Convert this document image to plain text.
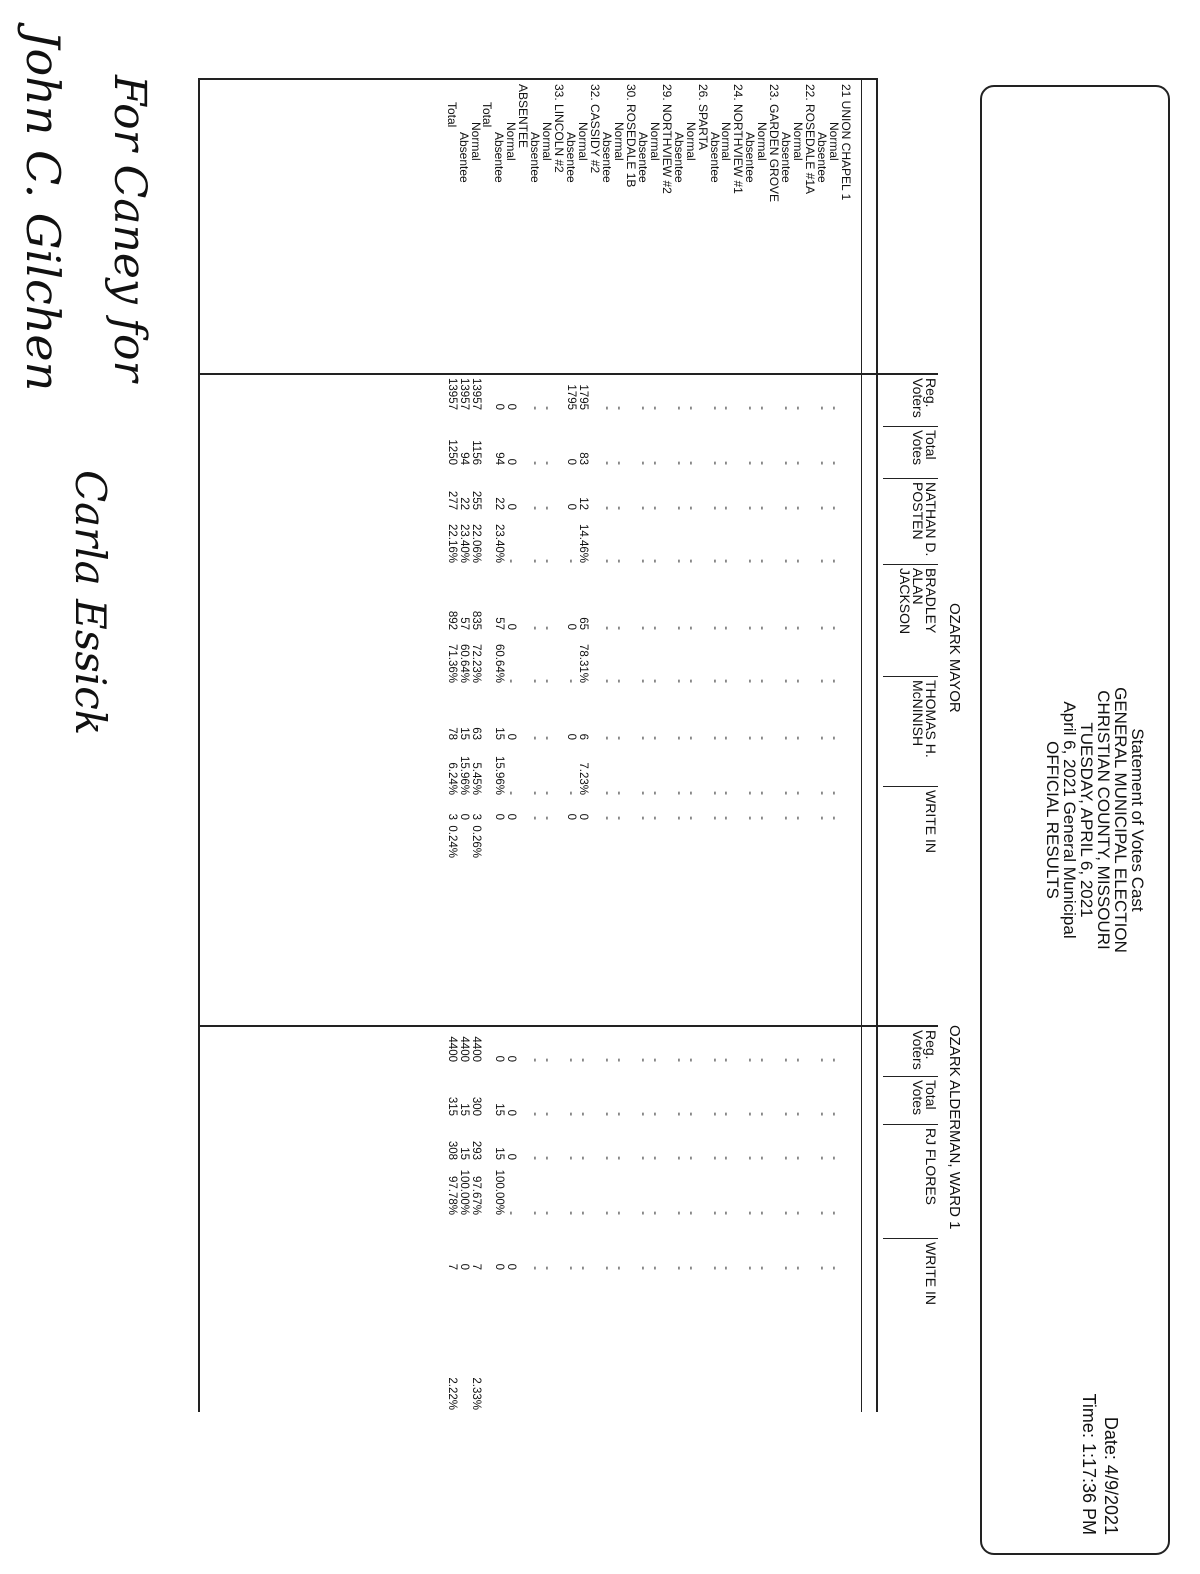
Statement of Votes Cast
GENERAL MUNICIPAL ELECTION
CHRISTIAN COUNTY, MISSOURI
TUESDAY, APRIL 6, 2021
April 6, 2021 General Municipal
OFFICIAL RESULTS
Date: 4/9/2021
Time: 1:17:36 PM
OZARK MAYOR
OZARK ALDERMAN, WARD 1
For Caney for
Carla Essick
John C. Gilchen	21 UNION CHAPEL 1
Normal
Absentee
22. ROSEDALE #1A
Normal
Absentee
23. GARDEN GROVE
Normal
Absentee
24. NORTHVIEW #1
Normal
Absentee
26. SPARTA
Normal
Absentee
29. NORTHVIEW #2
Normal
Absentee
30. ROSEDALE 1B
Normal
Absentee
32. CASSIDY #2
Normal
Absentee
33. LINCOLN #2
Normal
Absentee
ABSENTEE
Normal
Absentee
Total
Normal
Absentee
Total
Reg.
Voters
Total
Votes
NATHAN D.
POSTEN
BRADLEY
ALAN
JACKSON
THOMAS H.
McNINISH
WRITE IN
Reg.
Voters
Total
Votes
RJ FLORES
WRITE IN
-
-
-
-
-
-
-
-
-
-
-
-
-
-
-
-
-
-
-
-
-
-
-
-
-
-
-
-
-
-
-
-
-
-
-
-
-
-
-
-
-
-
-
-
-
-
-
-
-
-
-
-
-
-
-
-
-
-
-
-
-
-
-
-
-
-
-
-
-
-
-
-
-
-
-
-
-
-
-
-
-
-
-
-
-
-
-
-
-
-
-
-
-
-
-
-
-
-
-
-
-
-
-
-
-
-
-
-
-
-
-
-
-
-
-
-
-
-
-
-
-
-
-
-
-
-
1795
83
12
14.46%
65
78.31%
6
7.23%
0
1795
0
0
-
0
-
0
-
0
-
-
-
-
-
-
-
-
-
-
-
-
-
-
-
-
-
-
0
0
0
-
0
-
0
-
0
0
94
22
23.40%
57
60.64%
15
15.96%
0
13957
1156
255
22.06%
835
72.23%
63
5.45%
3
13957
94
22
23.40%
57
60.64%
15
15.96%
0
13957
1250
277
22.16%
892
71.36%
78
6.24%
3
0.26%
0.24%
-
-
-
-
-
-
-
-
-
-
-
-
-
-
-
-
-
-
-
-
-
-
-
-
-
-
-
-
-
-
-
-
-
-
-
-
-
-
-
-
-
-
-
-
-
-
-
-
-
-
-
-
-
-
-
-
-
-
-
-
-
-
-
-
-
-
-
-
-
-
-
-
-
-
-
-
-
-
-
-
-
-
-
-
-
-
-
-
-
-
0
0
0
-
0
0
15
15
100.00%
0
4400
300
293
97.67%
7
4400
15
15
100.00%
0
4400
315
308
97.78%
7
2.33%
2.22%
